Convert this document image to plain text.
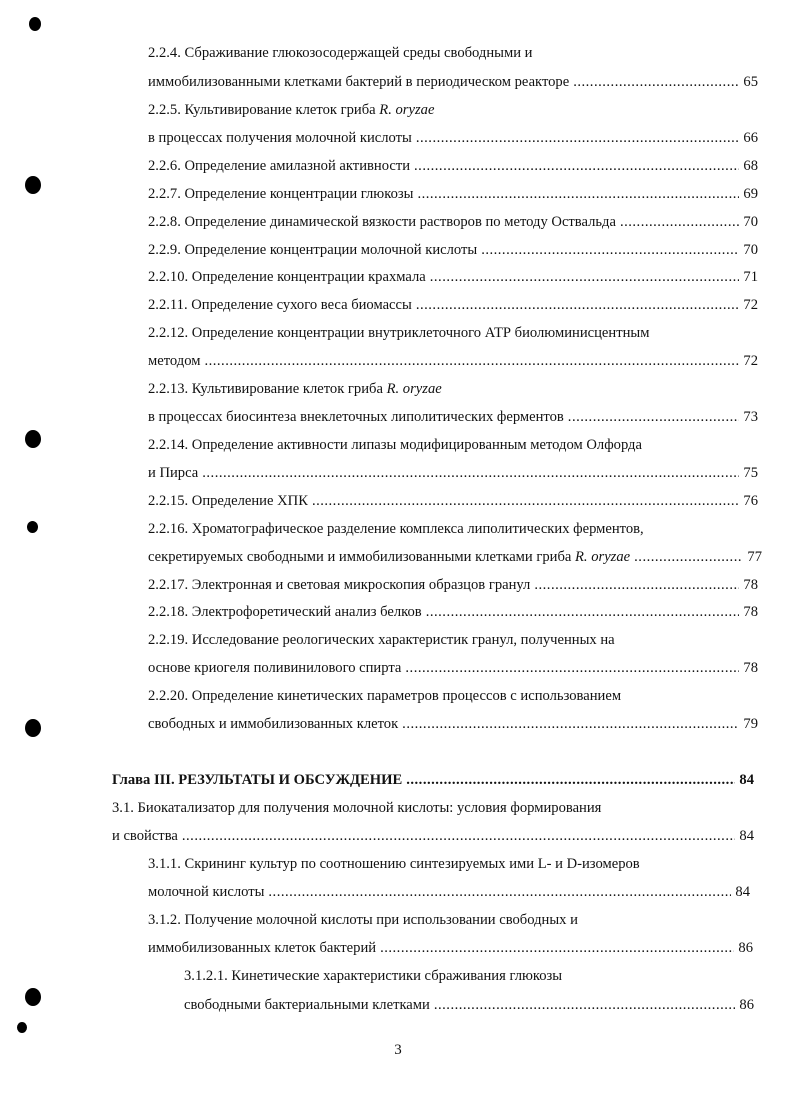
2.2.4. Сбраживание глюкозосодержащей среды свободными и
иммобилизованными клетками бактерий в периодическом реакторе .....	65
2.2.5. Культивирование клеток гриба R. oryzae
в процессах получения молочной кислоты .....	66
2.2.6. Определение амилазной активности .....	68
2.2.7. Определение концентрации глюкозы .....	69
2.2.8. Определение динамической вязкости растворов по методу Оствальда .....	70
2.2.9. Определение концентрации молочной кислоты .....	70
2.2.10. Определение концентрации крахмала .....	71
2.2.11. Определение сухого веса биомассы .....	72
2.2.12. Определение концентрации внутриклеточного АТР биолюминисцентным
методом .....	72
2.2.13. Культивирование клеток гриба R. oryzae
в процессах биосинтеза внеклеточных липолитических ферментов .....	73
2.2.14. Определение активности липазы модифицированным методом Олфорда
и Пирса .....	75
2.2.15. Определение ХПК .....	76
2.2.16. Хроматографическое разделение комплекса липолитических ферментов,
секретируемых свободными и иммобилизованными клетками гриба R. oryzae .....	77
2.2.17. Электронная и световая микроскопия образцов гранул .....	78
2.2.18. Электрофоретический анализ белков .....	78
2.2.19. Исследование реологических характеристик гранул, полученных на
основе криогеля поливинилового спирта .....	78
2.2.20. Определение кинетических параметров процессов с использованием
свободных и иммобилизованных клеток .....	79
Глава III. РЕЗУЛЬТАТЫ И ОБСУЖДЕНИЕ .....	84
3.1. Биокатализатор для получения молочной кислоты: условия формирования
и свойства .....	84
3.1.1. Скрининг культур по соотношению синтезируемых ими L- и D-изомеров
молочной кислоты .....	84
3.1.2. Получение молочной кислоты при использовании свободных и
иммобилизованных клеток бактерий .....	86
3.1.2.1. Кинетические характеристики сбраживания глюкозы
свободными бактериальными клетками .....	86
3
